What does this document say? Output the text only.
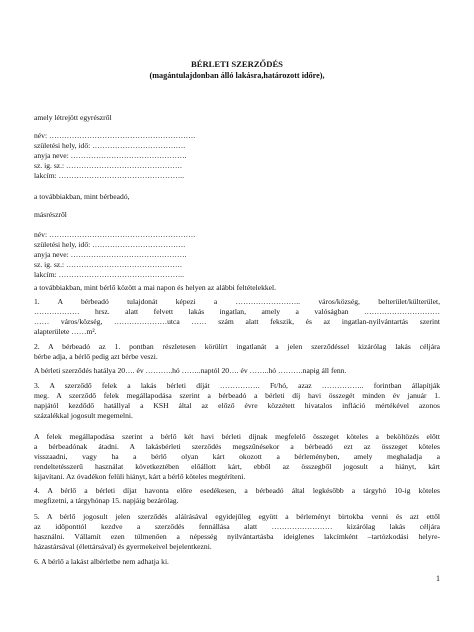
BÉRLETI SZERZŐDÉS
(magántulajdonban álló lakásra,határozott időre),
amely létrejött egyrészről
név: ………………………………………………….
születési hely, idő: ……………………………….
anyja neve: ……………………………………….
sz. ig. sz.: ……………………………………….
lakcím: …………………………………………..
a továbbiakban, mint bérbeadó,
másrészről
név: ………………………………………………….
születési hely, idő: ……………………………….
anyja neve: ……………………………………….
sz. ig. sz.: ……………………………………….
lakcím: …………………………………………..
a továbbiakban, mint bérlő között a mai napon és helyen az alábbi feltételekkel.
1. A bérbeadó tulajdonát képezi a …………………….. város/község, belterület/külterület,
……………… hrsz. alatt felvett lakás ingatlan, amely a valóságban …………………………
…… város/község, …………………utca …… szám alatt fekszik, és az ingatlan-nyilvántartás szerint
alapterülete ……m².
2. A bérbeadó az 1. pontban részletesen körülírt ingatlanát a jelen szerződéssel kizárólag lakás céljára
bérbe adja, a bérlő pedig azt bérbe veszi.
A bérleti szerződés hatálya 20…. év ………..hó ……..naptól 20…. év ……..hó ……….napig áll fenn.
3. A szerződő felek a lakás bérleti díját ……………. Ft/hó, azaz …………….. forintban állapítják
meg. A szerződő felek megállapodása szerint a bérbeadó a bérleti díj havi összegét minden év január 1.
napjától kezdődő hatállyal a KSH által az előző évre közzétett hivatalos infláció mértékével azonos
százalékkal jogosult megemelni.
A felek megállapodása szerint a bérlő két havi bérleti díjnak megfelelő összeget köteles a beköltözés előtt
a bérbeadónak átadni. A lakásbérleti szerződés megszűnésekor a bérbeadó ezt az összeget köteles
visszaadni, vagy ha a bérlő olyan kárt okozott a bérleményben, amely meghaladja a
rendeltetésszerű használat következtében előállott kárt, ebből az összegből jogosult a hiányt, kárt
kijavítani. Az óvadékon felüli hiányt, kárt a bérlő köteles megtéríteni.
4. A bérlő a bérleti díjat havonta előre esedékesen, a bérbeadó által legkésőbb a tárgyhó 10-ig köteles
megfizetni, a tárgyhónap 15. napjáig bezárólag.
5. A bérlő jogosult jelen szerződés aláírásával egyidejűleg együtt a bérleményt birtokba venni és azt ettől
az időponttól kezdve a szerződés fennállása alatt …………………… kizárólag lakás céljára
használni. Vállamít ezen túlmenően a népesség nyilvántartásba ideiglenes lakcímként –tartózkodási helyre-
házastársával (élettársával) és gyermekeivel bejelentkezni.
6. A bérlő a lakást albérletbe nem adhatja ki.
1
